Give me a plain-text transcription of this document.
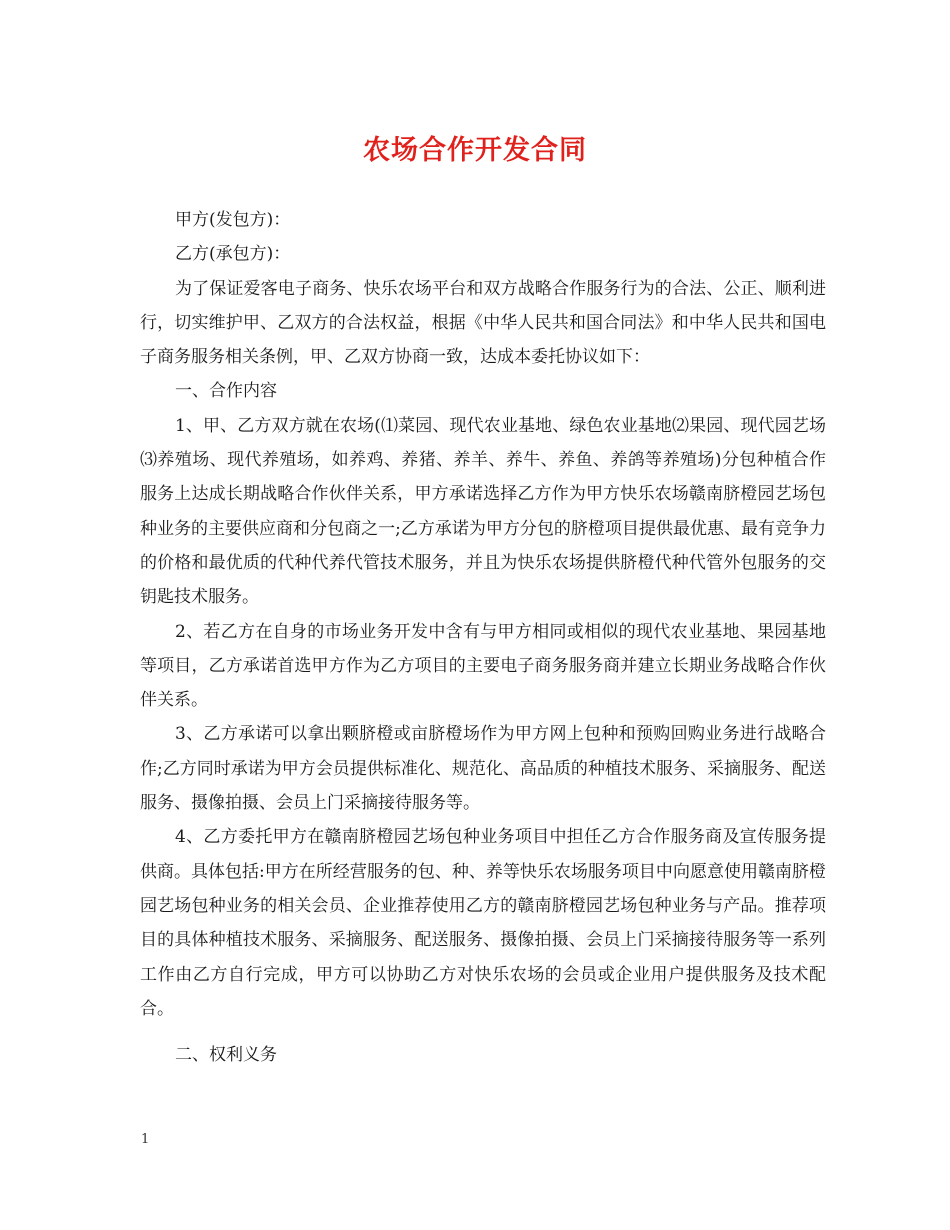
农场合作开发合同

甲方(发包方)：

乙方(承包方)：

为了保证爱客电子商务、快乐农场平台和双方战略合作服务行为的合法、公正、顺利进行，切实维护甲、乙双方的合法权益，根据《中华人民共和国合同法》和中华人民共和国电子商务服务相关条例，甲、乙双方协商一致，达成本委托协议如下：

一、合作内容

1、甲、乙方双方就在农场(⑴菜园、现代农业基地、绿色农业基地⑵果园、现代园艺场⑶养殖场、现代养殖场，如养鸡、养猪、养羊、养牛、养鱼、养鸽等养殖场)分包种植合作服务上达成长期战略合作伙伴关系，甲方承诺选择乙方作为甲方快乐农场赣南脐橙园艺场包种业务的主要供应商和分包商之一;乙方承诺为甲方分包的脐橙项目提供最优惠、最有竞争力的价格和最优质的代种代养代管技术服务，并且为快乐农场提供脐橙代种代管外包服务的交钥匙技术服务。

2、若乙方在自身的市场业务开发中含有与甲方相同或相似的现代农业基地、果园基地等项目，乙方承诺首选甲方作为乙方项目的主要电子商务服务商并建立长期业务战略合作伙伴关系。

3、乙方承诺可以拿出颗脐橙或亩脐橙场作为甲方网上包种和预购回购业务进行战略合作;乙方同时承诺为甲方会员提供标准化、规范化、高品质的种植技术服务、采摘服务、配送服务、摄像拍摄、会员上门采摘接待服务等。

4、乙方委托甲方在赣南脐橙园艺场包种业务项目中担任乙方合作服务商及宣传服务提供商。具体包括:甲方在所经营服务的包、种、养等快乐农场服务项目中向愿意使用赣南脐橙园艺场包种业务的相关会员、企业推荐使用乙方的赣南脐橙园艺场包种业务与产品。推荐项目的具体种植技术服务、采摘服务、配送服务、摄像拍摄、会员上门采摘接待服务等一系列工作由乙方自行完成，甲方可以协助乙方对快乐农场的会员或企业用户提供服务及技术配合。

二、权利义务

1
